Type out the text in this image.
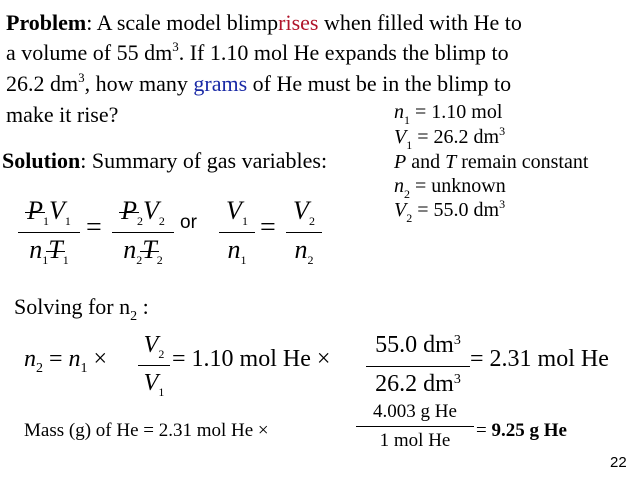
Problem: A scale model blimprises when filled with He to
a volume of 55 $dm^3$. If 1.10 mol He expands the blimp to
26.2 $dm^3$, how many grams of He must be in the blimp to
make it rise?	$n_1 = 1.10$ mol
$V_1 = 26.2$ $dm^3$
P and T remain constant
$n_2$ = unknown
$V_2 = 55.0$ $dm^3$
Solution: Summary of gas variables:
$P_1V_1$
$n_1T_1$
=
$P_2V_2$
$n_2T_2$
or $V_1$
$n_1$
=
$V_2$
$n_2$
Solving for $n_2$ :
$n_2 = n_1$ ×
$V_2$
$V_1$
= 1.10 mol He ×
55.0 $dm^3$
26.2 $dm^3$
= 2.31 mol He
Mass (g) of He = 2.31 mol He ×
4.003 g He
1 mol He	= 9.25 g He
22
